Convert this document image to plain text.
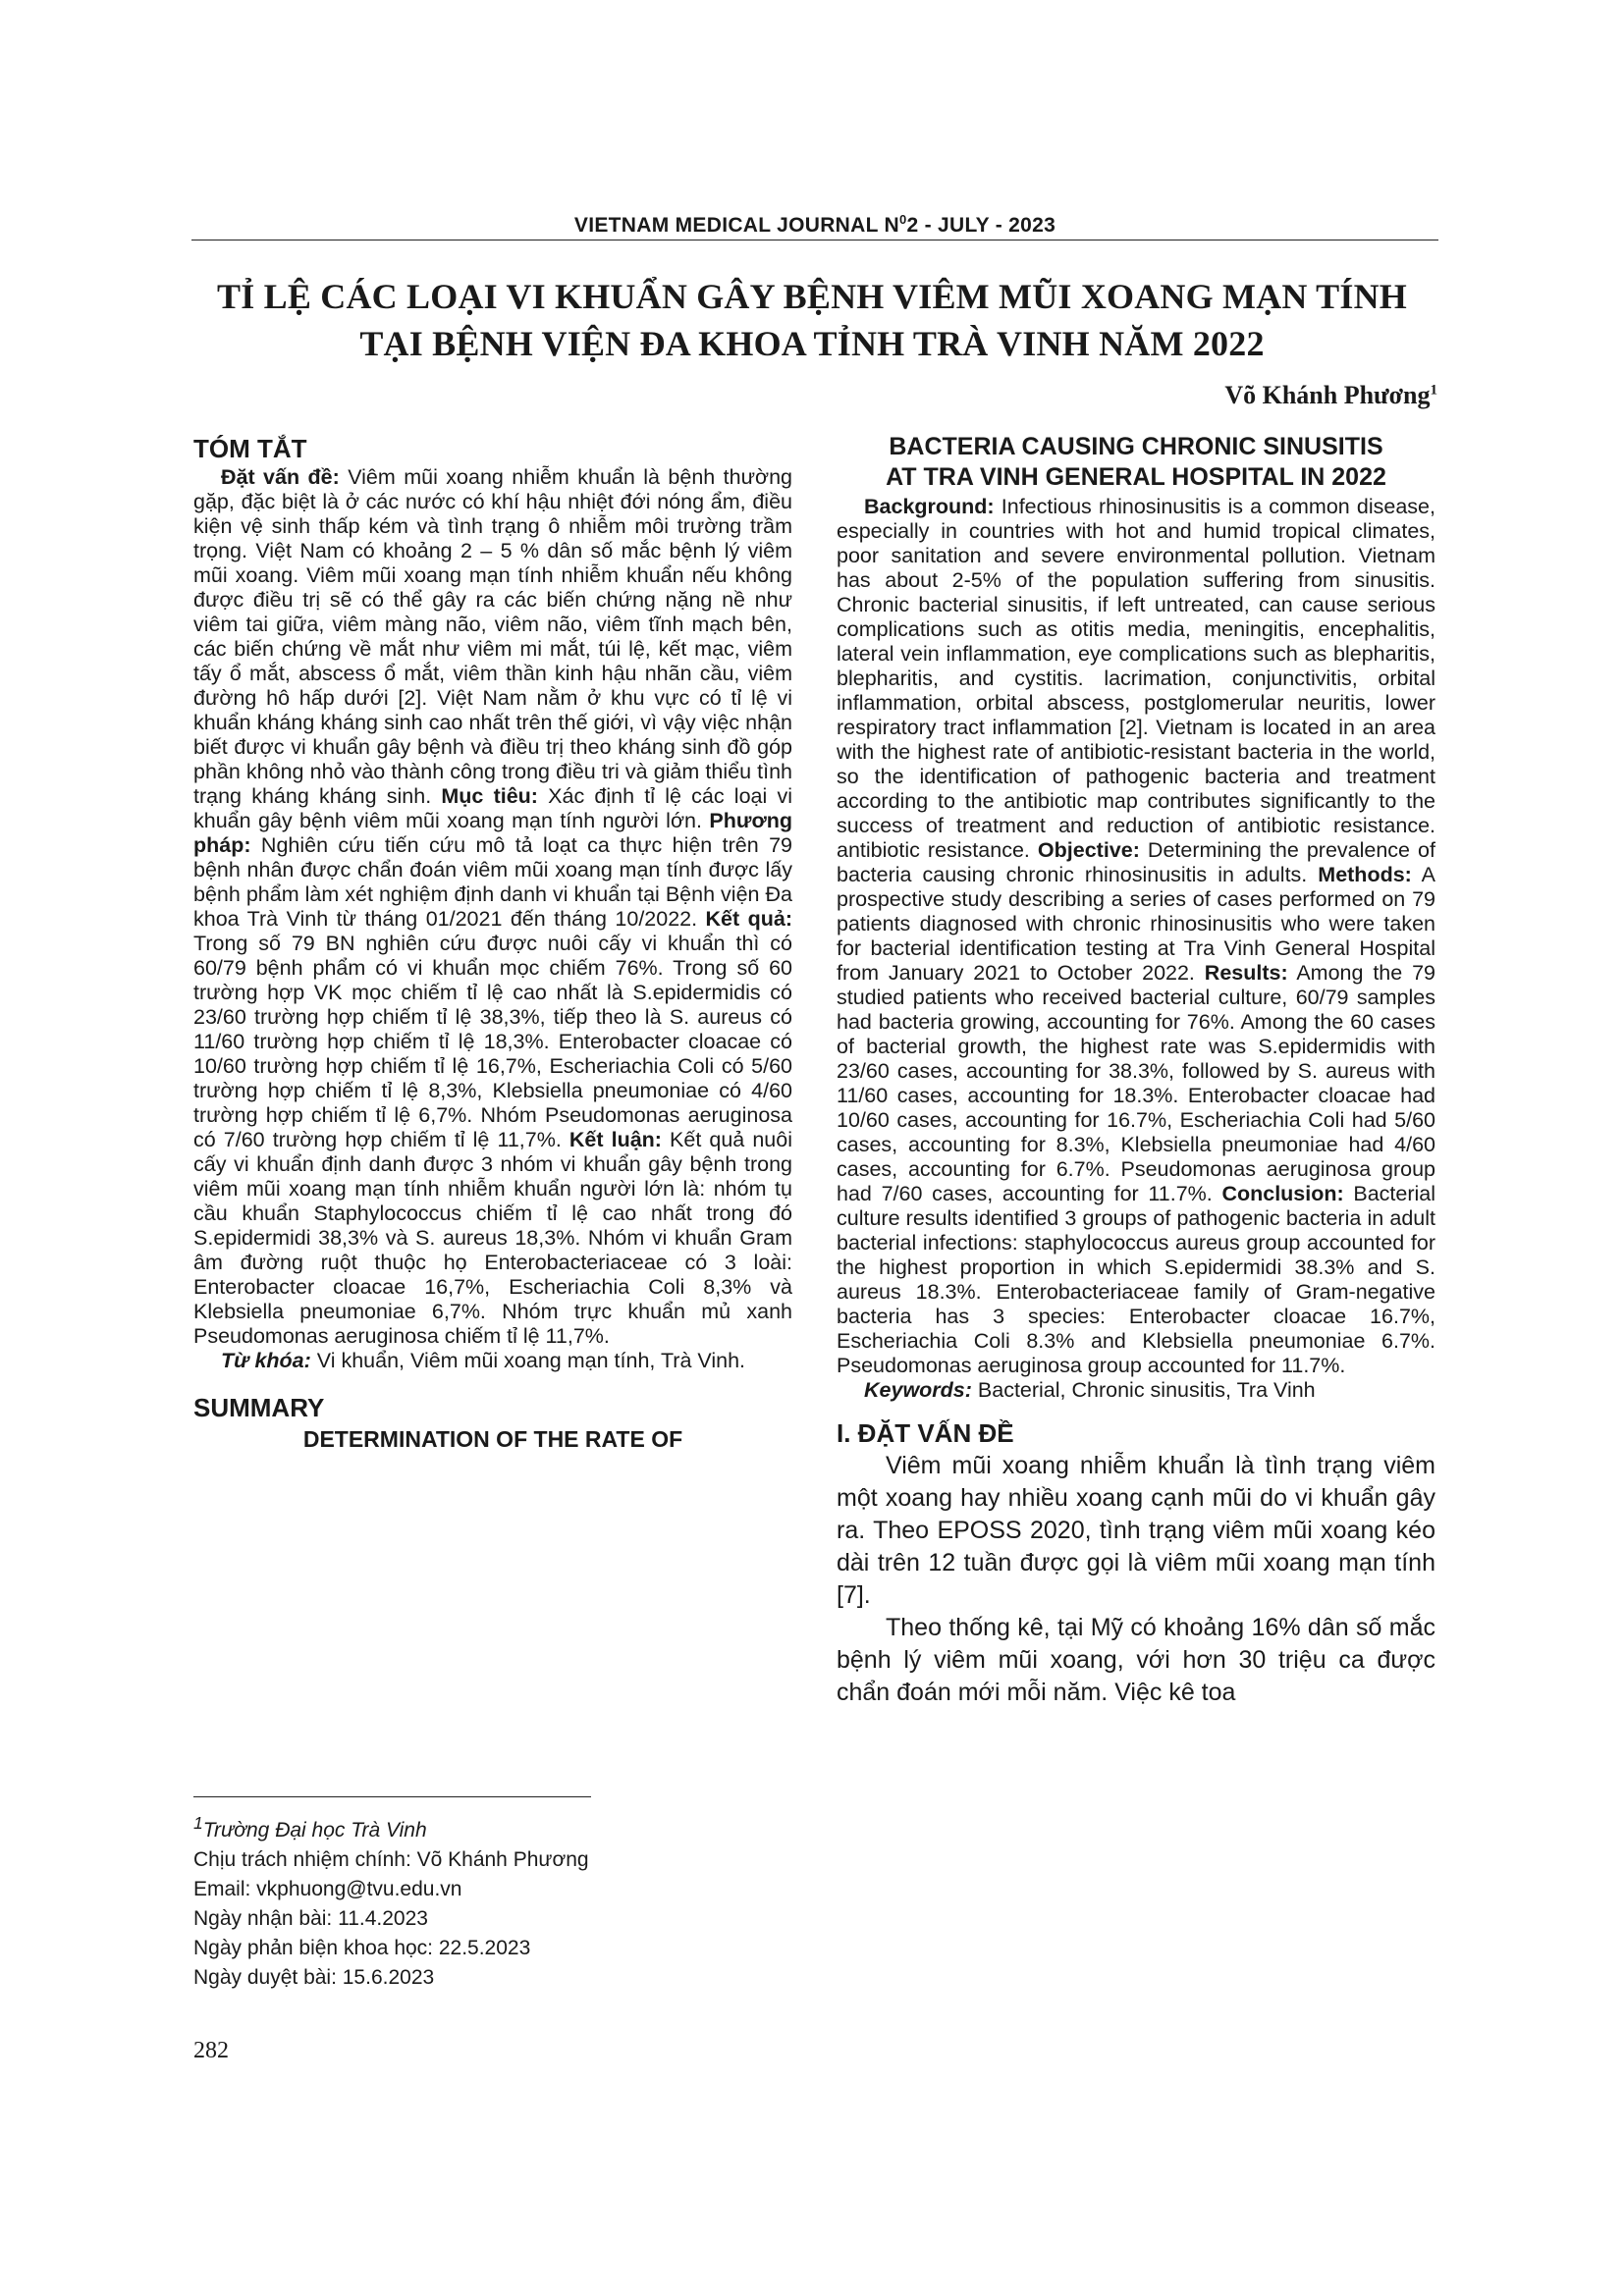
VIETNAM MEDICAL JOURNAL $N^02$ - JULY - 2023
TỈ LỆ CÁC LOẠI VI KHUẨN GÂY BỆNH VIÊM MŨI XOANG MẠN TÍNH
TẠI BỆNH VIỆN ĐA KHOA TỈNH TRÀ VINH NĂM 2022
Võ Khánh Phương$^1$
TÓM TẮT

Đặt vấn đề: Viêm mũi xoang nhiễm khuẩn là bệnh thường gặp, đặc biệt là ở các nước có khí hậu nhiệt đới nóng ẩm, điều kiện vệ sinh thấp kém và tình trạng ô nhiễm môi trường trầm trọng. Việt Nam có khoảng 2 – 5 % dân số mắc bệnh lý viêm mũi xoang. Viêm mũi xoang mạn tính nhiễm khuẩn nếu không được điều trị sẽ có thể gây ra các biến chứng nặng nề như viêm tai giữa, viêm màng não, viêm não, viêm tĩnh mạch bên, các biến chứng về mắt như viêm mi mắt, túi lệ, kết mạc, viêm tấy ổ mắt, abscess ổ mắt, viêm thần kinh hậu nhãn cầu, viêm đường hô hấp dưới [2]. Việt Nam nằm ở khu vực có tỉ lệ vi khuẩn kháng kháng sinh cao nhất trên thế giới, vì vậy việc nhận biết được vi khuẩn gây bệnh và điều trị theo kháng sinh đồ góp phần không nhỏ vào thành công trong điều tri và giảm thiểu tình trạng kháng kháng sinh. Mục tiêu: Xác định tỉ lệ các loại vi khuẩn gây bệnh viêm mũi xoang mạn tính người lớn. Phương pháp: Nghiên cứu tiến cứu mô tả loạt ca thực hiện trên 79 bệnh nhân được chẩn đoán viêm mũi xoang mạn tính được lấy bệnh phẩm làm xét nghiệm định danh vi khuẩn tại Bệnh viện Đa khoa Trà Vinh từ tháng 01/2021 đến tháng 10/2022. Kết quả: Trong số 79 BN nghiên cứu được nuôi cấy vi khuẩn thì có 60/79 bệnh phẩm có vi khuẩn mọc chiếm 76%. Trong số 60 trường hợp VK mọc chiếm tỉ lệ cao nhất là S.epidermidis có 23/60 trường hợp chiếm tỉ lệ 38,3%, tiếp theo là S. aureus có 11/60 trường hợp chiếm tỉ lệ 18,3%. Enterobacter cloacae có 10/60 trường hợp chiếm tỉ lệ 16,7%, Escheriachia Coli có 5/60 trường hợp chiếm tỉ lệ 8,3%, Klebsiella pneumoniae có 4/60 trường hợp chiếm tỉ lệ 6,7%. Nhóm Pseudomonas aeruginosa có 7/60 trường hợp chiếm tỉ lệ 11,7%. Kết luận: Kết quả nuôi cấy vi khuẩn định danh được 3 nhóm vi khuẩn gây bệnh trong viêm mũi xoang mạn tính nhiễm khuẩn người lớn là: nhóm tụ cầu khuẩn Staphylococcus chiếm tỉ lệ cao nhất trong đó S.epidermidi 38,3% và S. aureus 18,3%. Nhóm vi khuẩn Gram âm đường ruột thuộc họ Enterobacteriaceae có 3 loài: Enterobacter cloacae 16,7%, Escheriachia Coli 8,3% và Klebsiella pneumoniae 6,7%. Nhóm trực khuẩn mủ xanh Pseudomonas aeruginosa chiếm tỉ lệ 11,7%.

Từ khóa: Vi khuẩn, Viêm mũi xoang mạn tính, Trà Vinh.

SUMMARY

DETERMINATION OF THE RATE OF

BACTERIA CAUSING CHRONIC SINUSITIS
AT TRA VINH GENERAL HOSPITAL IN 2022

Background: Infectious rhinosinusitis is a common disease, especially in countries with hot and humid tropical climates, poor sanitation and severe environmental pollution. Vietnam has about 2-5% of the population suffering from sinusitis. Chronic bacterial sinusitis, if left untreated, can cause serious complications such as otitis media, meningitis, encephalitis, lateral vein inflammation, eye complications such as blepharitis, blepharitis, and cystitis. lacrimation, conjunctivitis, orbital inflammation, orbital abscess, postglomerular neuritis, lower respiratory tract inflammation [2]. Vietnam is located in an area with the highest rate of antibiotic-resistant bacteria in the world, so the identification of pathogenic bacteria and treatment according to the antibiotic map contributes significantly to the success of treatment and reduction of antibiotic resistance. antibiotic resistance. Objective: Determining the prevalence of bacteria causing chronic rhinosinusitis in adults. Methods: A prospective study describing a series of cases performed on 79 patients diagnosed with chronic rhinosinusitis who were taken for bacterial identification testing at Tra Vinh General Hospital from January 2021 to October 2022. Results: Among the 79 studied patients who received bacterial culture, 60/79 samples had bacteria growing, accounting for 76%. Among the 60 cases of bacterial growth, the highest rate was S.epidermidis with 23/60 cases, accounting for 38.3%, followed by S. aureus with 11/60 cases, accounting for 18.3%. Enterobacter cloacae had 10/60 cases, accounting for 16.7%, Escheriachia Coli had 5/60 cases, accounting for 8.3%, Klebsiella pneumoniae had 4/60 cases, accounting for 6.7%. Pseudomonas aeruginosa group had 7/60 cases, accounting for 11.7%. Conclusion: Bacterial culture results identified 3 groups of pathogenic bacteria in adult bacterial infections: staphylococcus aureus group accounted for the highest proportion in which S.epidermidi 38.3% and S. aureus 18.3%. Enterobacteriaceae family of Gram-negative bacteria has 3 species: Enterobacter cloacae 16.7%, Escheriachia Coli 8.3% and Klebsiella pneumoniae 6.7%. Pseudomonas aeruginosa group accounted for 11.7%.

Keywords: Bacterial, Chronic sinusitis, Tra Vinh

I. ĐẶT VẤN ĐỀ

Viêm mũi xoang nhiễm khuẩn là tình trạng viêm một xoang hay nhiều xoang cạnh mũi do vi khuẩn gây ra. Theo EPOSS 2020, tình trạng viêm mũi xoang kéo dài trên 12 tuần được gọi là viêm mũi xoang mạn tính [7].

Theo thống kê, tại Mỹ có khoảng 16% dân số mắc bệnh lý viêm mũi xoang, với hơn 30 triệu ca được chẩn đoán mới mỗi năm. Việc kê toa

$^1$Trường Đại học Trà Vinh
Chịu trách nhiệm chính: Võ Khánh Phương
Email: vkphuong@tvu.edu.vn
Ngày nhận bài: 11.4.2023
Ngày phản biện khoa học: 22.5.2023
Ngày duyệt bài: 15.6.2023
282
